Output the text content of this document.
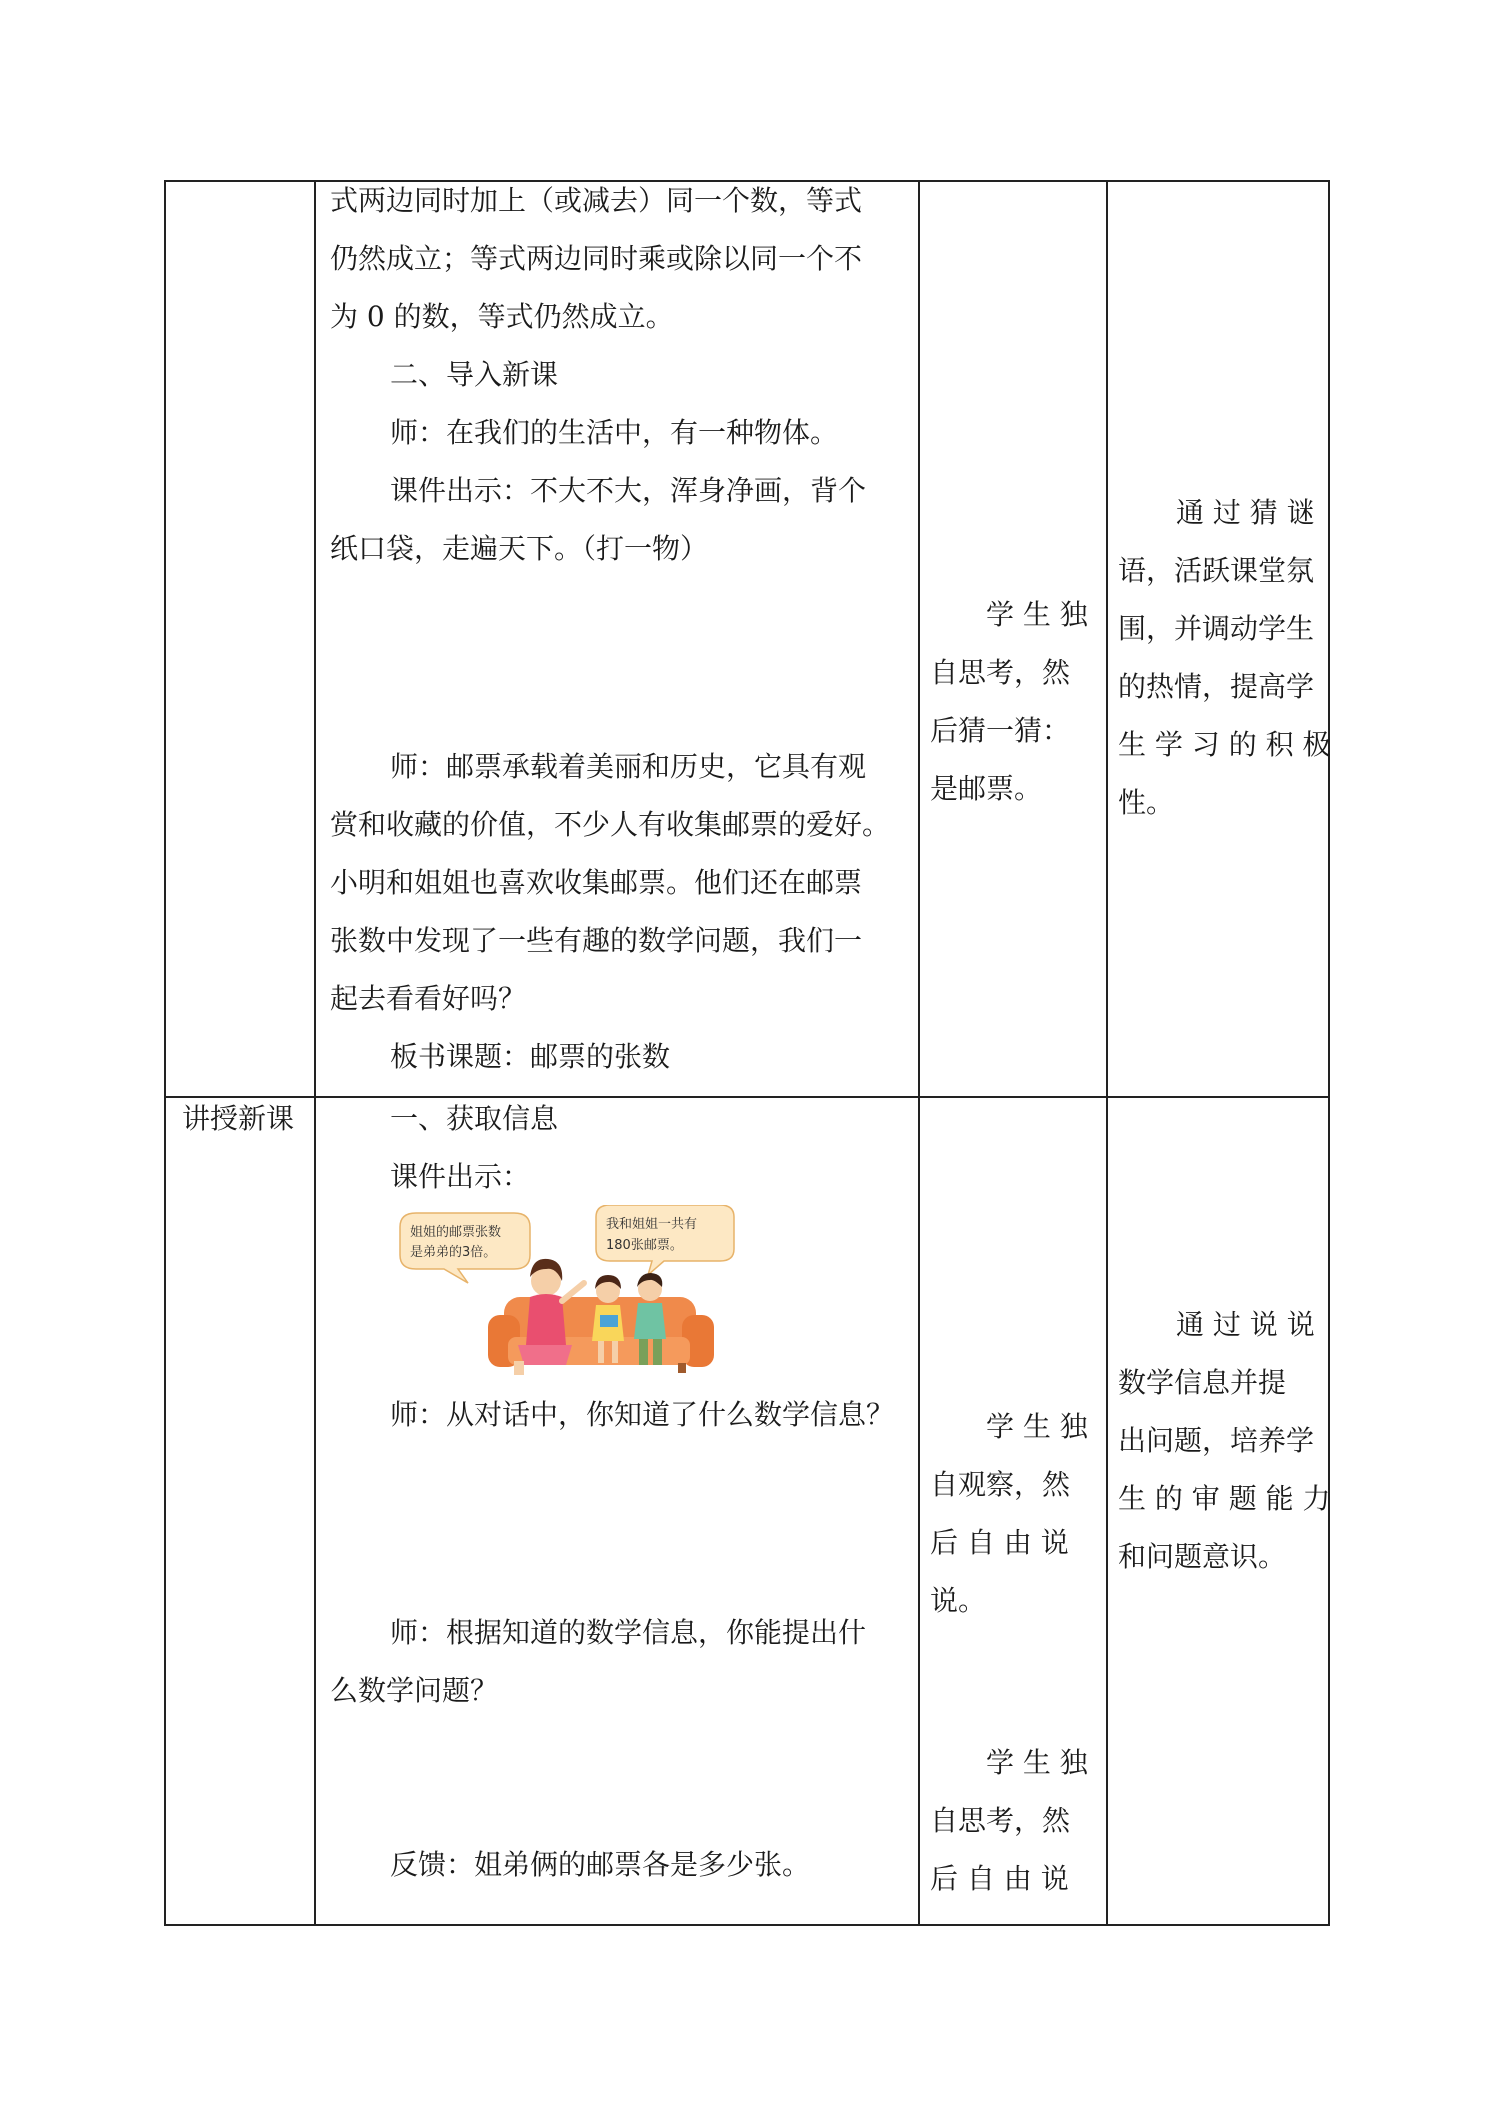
式两边同时加上（或减去）同一个数，等式
仍然成立；等式两边同时乘或除以同一个不
为 0 的数，等式仍然成立。
二、导入新课
师：在我们的生活中，有一种物体。
课件出示：不大不大，浑身净画，背个
纸口袋，走遍天下。（打一物）
师：邮票承载着美丽和历史，它具有观
赏和收藏的价值，不少人有收集邮票的爱好。
小明和姐姐也喜欢收集邮票。他们还在邮票
张数中发现了一些有趣的数学问题，我们一
起去看看好吗？
板书课题：邮票的张数
学 生 独
自思考，然
后猜一猜：
是邮票。
通 过 猜 谜
语，活跃课堂氛
围，并调动学生
的热情，提高学
生 学 习 的 积 极
性。
讲授新课	一、获取信息
课件出示：
姐姐的邮票张数
是弟弟的3倍。
我和姐姐一共有
180张邮票。
师：从对话中，你知道了什么数学信息？
师：根据知道的数学信息，你能提出什
么数学问题？
反馈：姐弟俩的邮票各是多少张。
学 生 独
自观察，然
后 自 由 说
说。
学 生 独
自思考，然
后 自 由 说
通 过 说 说
数学信息并提
出问题，培养学
生 的 审 题 能 力
和问题意识。
